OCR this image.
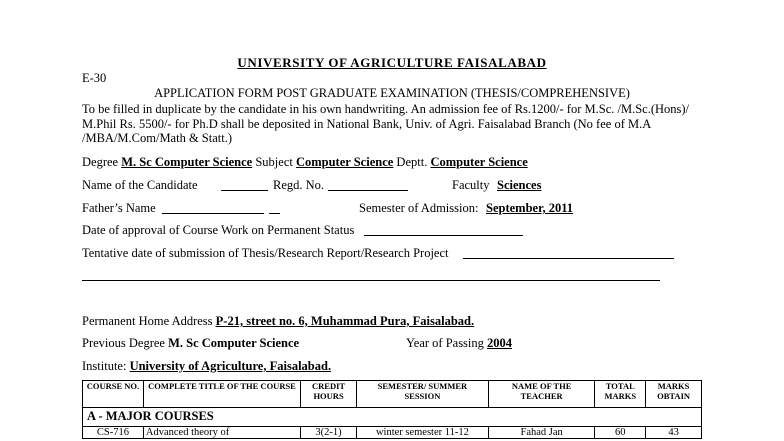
UNIVERSITY OF AGRICULTURE FAISALABAD
E-30
APPLICATION FORM POST GRADUATE EXAMINATION (THESIS/COMPREHENSIVE)
To be filled in duplicate by the candidate in his own handwriting. An admission fee of Rs.1200/- for M.Sc. /M.Sc.(Hons)/ M.Phil Rs. 5500/- for Ph.D shall be deposited in National Bank, Univ. of Agri. Faisalabad Branch (No fee of M.A /MBA/M.Com/Math & Statt.)
Degree M. Sc Computer Science Subject Computer Science Deptt. Computer Science
Name of the Candidate	Regd. No.	Faculty Sciences
Father’s Name	Semester of Admission: September, 2011
Date of approval of Course Work on Permanent Status
Tentative date of submission of Thesis/Research Report/Research Project
Permanent Home Address P-21, street no. 6, Muhammad Pura, Faisalabad.
Previous Degree M. Sc Computer Science	Year of Passing 2004
Institute: University of Agriculture, Faisalabad.
COURSE NO.	COMPLETE TITLE OF THE COURSE	CREDIT HOURS	SEMESTER/ SUMMER SESSION	NAME OF THE TEACHER	TOTAL MARKS	MARKS OBTAIN
A - MAJOR COURSES						
CS-716	Advanced theory of	3(2-1)	winter semester 11-12	Fahad Jan	60	43
